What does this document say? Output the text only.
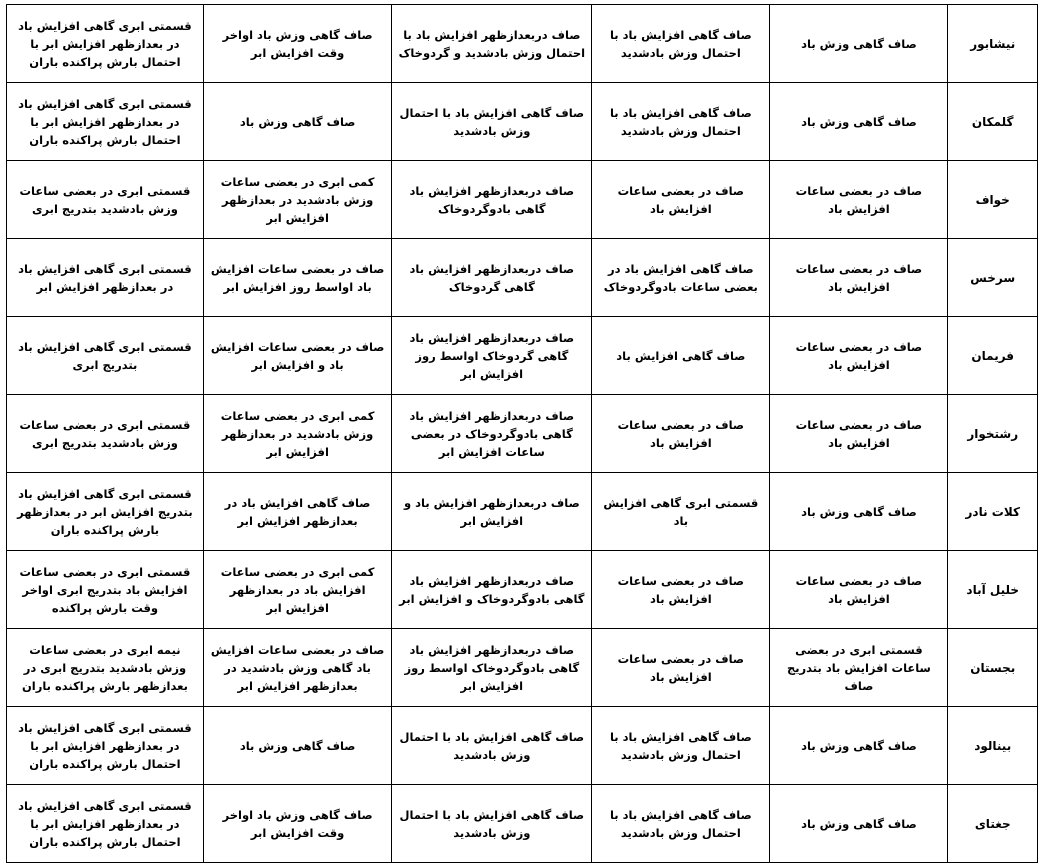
نیشابور	صاف گاهی وزش باد	صاف گاهی افزایش باد با احتمال وزش بادشدید	صاف دربعدازظهر افزایش باد با احتمال وزش بادشدید و گردوخاک	صاف گاهی وزش باد اواخر وقت افزایش ابر	قسمتی ابری گاهی افزایش باد در بعدازظهر افزایش ابر با احتمال بارش پراکنده باران
گلمکان	صاف گاهی وزش باد	صاف گاهی افزایش باد با احتمال وزش بادشدید	صاف گاهی افزایش باد با احتمال وزش بادشدید	صاف گاهی وزش باد	قسمتی ابری گاهی افزایش باد در بعدازظهر افزایش ابر با احتمال بارش پراکنده باران
خواف	صاف در بعضی ساعات افزایش باد	صاف در بعضی ساعات افزایش باد	صاف دربعدازظهر افزایش باد گاهی بادوگردوخاک	کمی ابری در بعضی ساعات وزش بادشدید در بعدازظهر افزایش ابر	قسمتی ابری در بعضی ساعات وزش بادشدید بتدریج ابری
سرخس	صاف در بعضی ساعات افزایش باد	صاف گاهی افزایش باد در بعضی ساعات بادوگردوخاک	صاف دربعدازظهر افزایش باد گاهی گردوخاک	صاف در بعضی ساعات افزایش باد اواسط روز افزایش ابر	قسمتی ابری گاهی افزایش باد در بعدازظهر افزایش ابر
فریمان	صاف در بعضی ساعات افزایش باد	صاف گاهی افزایش باد	صاف دربعدازظهر افزایش باد گاهی گردوخاک اواسط روز افزایش ابر	صاف در بعضی ساعات افزایش باد و افزایش ابر	قسمتی ابری گاهی افزایش باد بتدریج ابری
رشتخوار	صاف در بعضی ساعات افزایش باد	صاف در بعضی ساعات افزایش باد	صاف دربعدازظهر افزایش باد گاهی بادوگردوخاک در بعضی ساعات افزایش ابر	کمی ابری در بعضی ساعات وزش بادشدید در بعدازظهر افزایش ابر	قسمتی ابری در بعضی ساعات وزش بادشدید بتدریج ابری
کلات نادر	صاف گاهی وزش باد	قسمتی ابری گاهی افزایش باد	صاف دربعدازظهر افزایش باد و افزایش ابر	صاف گاهی افزایش باد در بعدازظهر افزایش ابر	قسمتی ابری گاهی افزایش باد بتدریج افزایش ابر در بعدازظهر بارش پراکنده باران
خلیل آباد	صاف در بعضی ساعات افزایش باد	صاف در بعضی ساعات افزایش باد	صاف دربعدازظهر افزایش باد گاهی بادوگردوخاک و افزایش ابر	کمی ابری در بعضی ساعات افزایش باد در بعدازظهر افزایش ابر	قسمتی ابری در بعضی ساعات افزایش باد بتدریج ابری اواخر وقت بارش پراکنده
بجستان	قسمتی ابری در بعضی ساعات افزایش باد بتدریج صاف	صاف در بعضی ساعات افزایش باد	صاف دربعدازظهر افزایش باد گاهی بادوگردوخاک اواسط روز افزایش ابر	صاف در بعضی ساعات افزایش باد گاهی وزش بادشدید در بعدازظهر افزایش ابر	نیمه ابری در بعضی ساعات وزش بادشدید بتدریج ابری در بعدازظهر بارش پراکنده باران
بینالود	صاف گاهی وزش باد	صاف گاهی افزایش باد با احتمال وزش بادشدید	صاف گاهی افزایش باد با احتمال وزش بادشدید	صاف گاهی وزش باد	قسمتی ابری گاهی افزایش باد در بعدازظهر افزایش ابر با احتمال بارش پراکنده باران
جغتای	صاف گاهی وزش باد	صاف گاهی افزایش باد با احتمال وزش بادشدید	صاف گاهی افزایش باد با احتمال وزش بادشدید	صاف گاهی وزش باد اواخر وقت افزایش ابر	قسمتی ابری گاهی افزایش باد در بعدازظهر افزایش ابر با احتمال بارش پراکنده باران
